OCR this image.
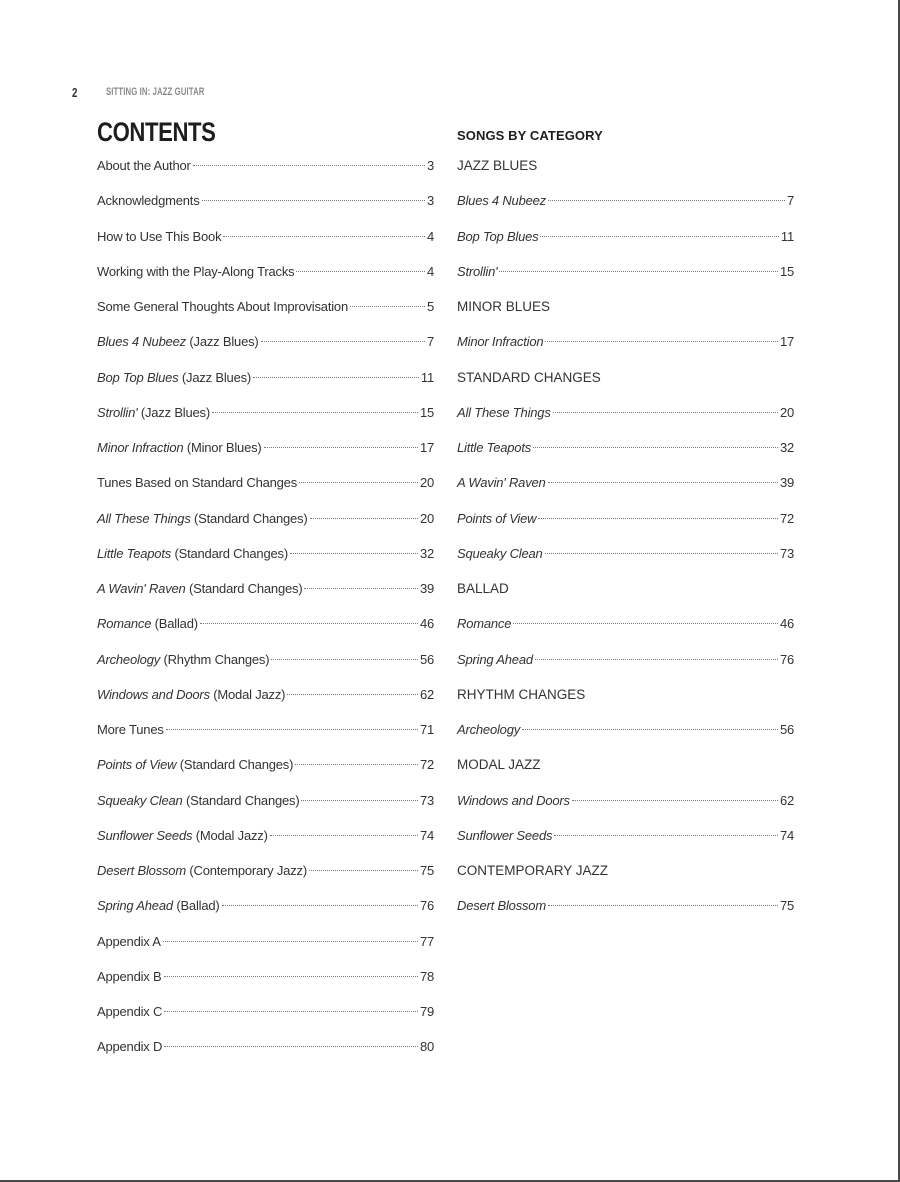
2	SITTING IN: JAZZ GUITAR
CONTENTS	SONGS BY CATEGORY
About the Author	3
Acknowledgments	3
How to Use This Book	4
Working with the Play-Along Tracks	4
Some General Thoughts About Improvisation	5
Blues 4 Nubeez (Jazz Blues)	7
Bop Top Blues (Jazz Blues)	11
Strollin' (Jazz Blues)	15
Minor Infraction (Minor Blues)	17
Tunes Based on Standard Changes	20
All These Things (Standard Changes)	20
Little Teapots (Standard Changes)	32
A Wavin' Raven (Standard Changes)	39
Romance (Ballad)	46
Archeology (Rhythm Changes)	56
Windows and Doors (Modal Jazz)	62
More Tunes	71
Points of View (Standard Changes)	72
Squeaky Clean (Standard Changes)	73
Sunflower Seeds (Modal Jazz)	74
Desert Blossom (Contemporary Jazz)	75
Spring Ahead (Ballad)	76
Appendix A	77
Appendix B	78
Appendix C	79
Appendix D	80
JAZZ BLUES
Blues 4 Nubeez	7
Bop Top Blues	11
Strollin'	15
MINOR BLUES
Minor Infraction	17
STANDARD CHANGES
All These Things	20
Little Teapots	32
A Wavin' Raven	39
Points of View	72
Squeaky Clean	73
BALLAD
Romance	46
Spring Ahead	76
RHYTHM CHANGES
Archeology	56
MODAL JAZZ
Windows and Doors	62
Sunflower Seeds	74
CONTEMPORARY JAZZ
Desert Blossom	75
